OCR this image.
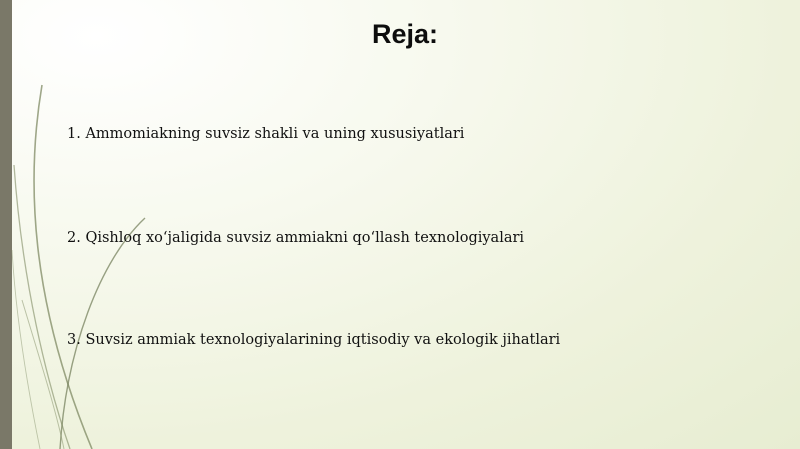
Reja:

1. Ammomiakning suvsiz shakli va uning xususiyatlari

2. Qishloq xo‘jaligida suvsiz ammiakni qo‘llash texnologiyalari

3. Suvsiz ammiak texnologiyalarining iqtisodiy va ekologik jihatlari
